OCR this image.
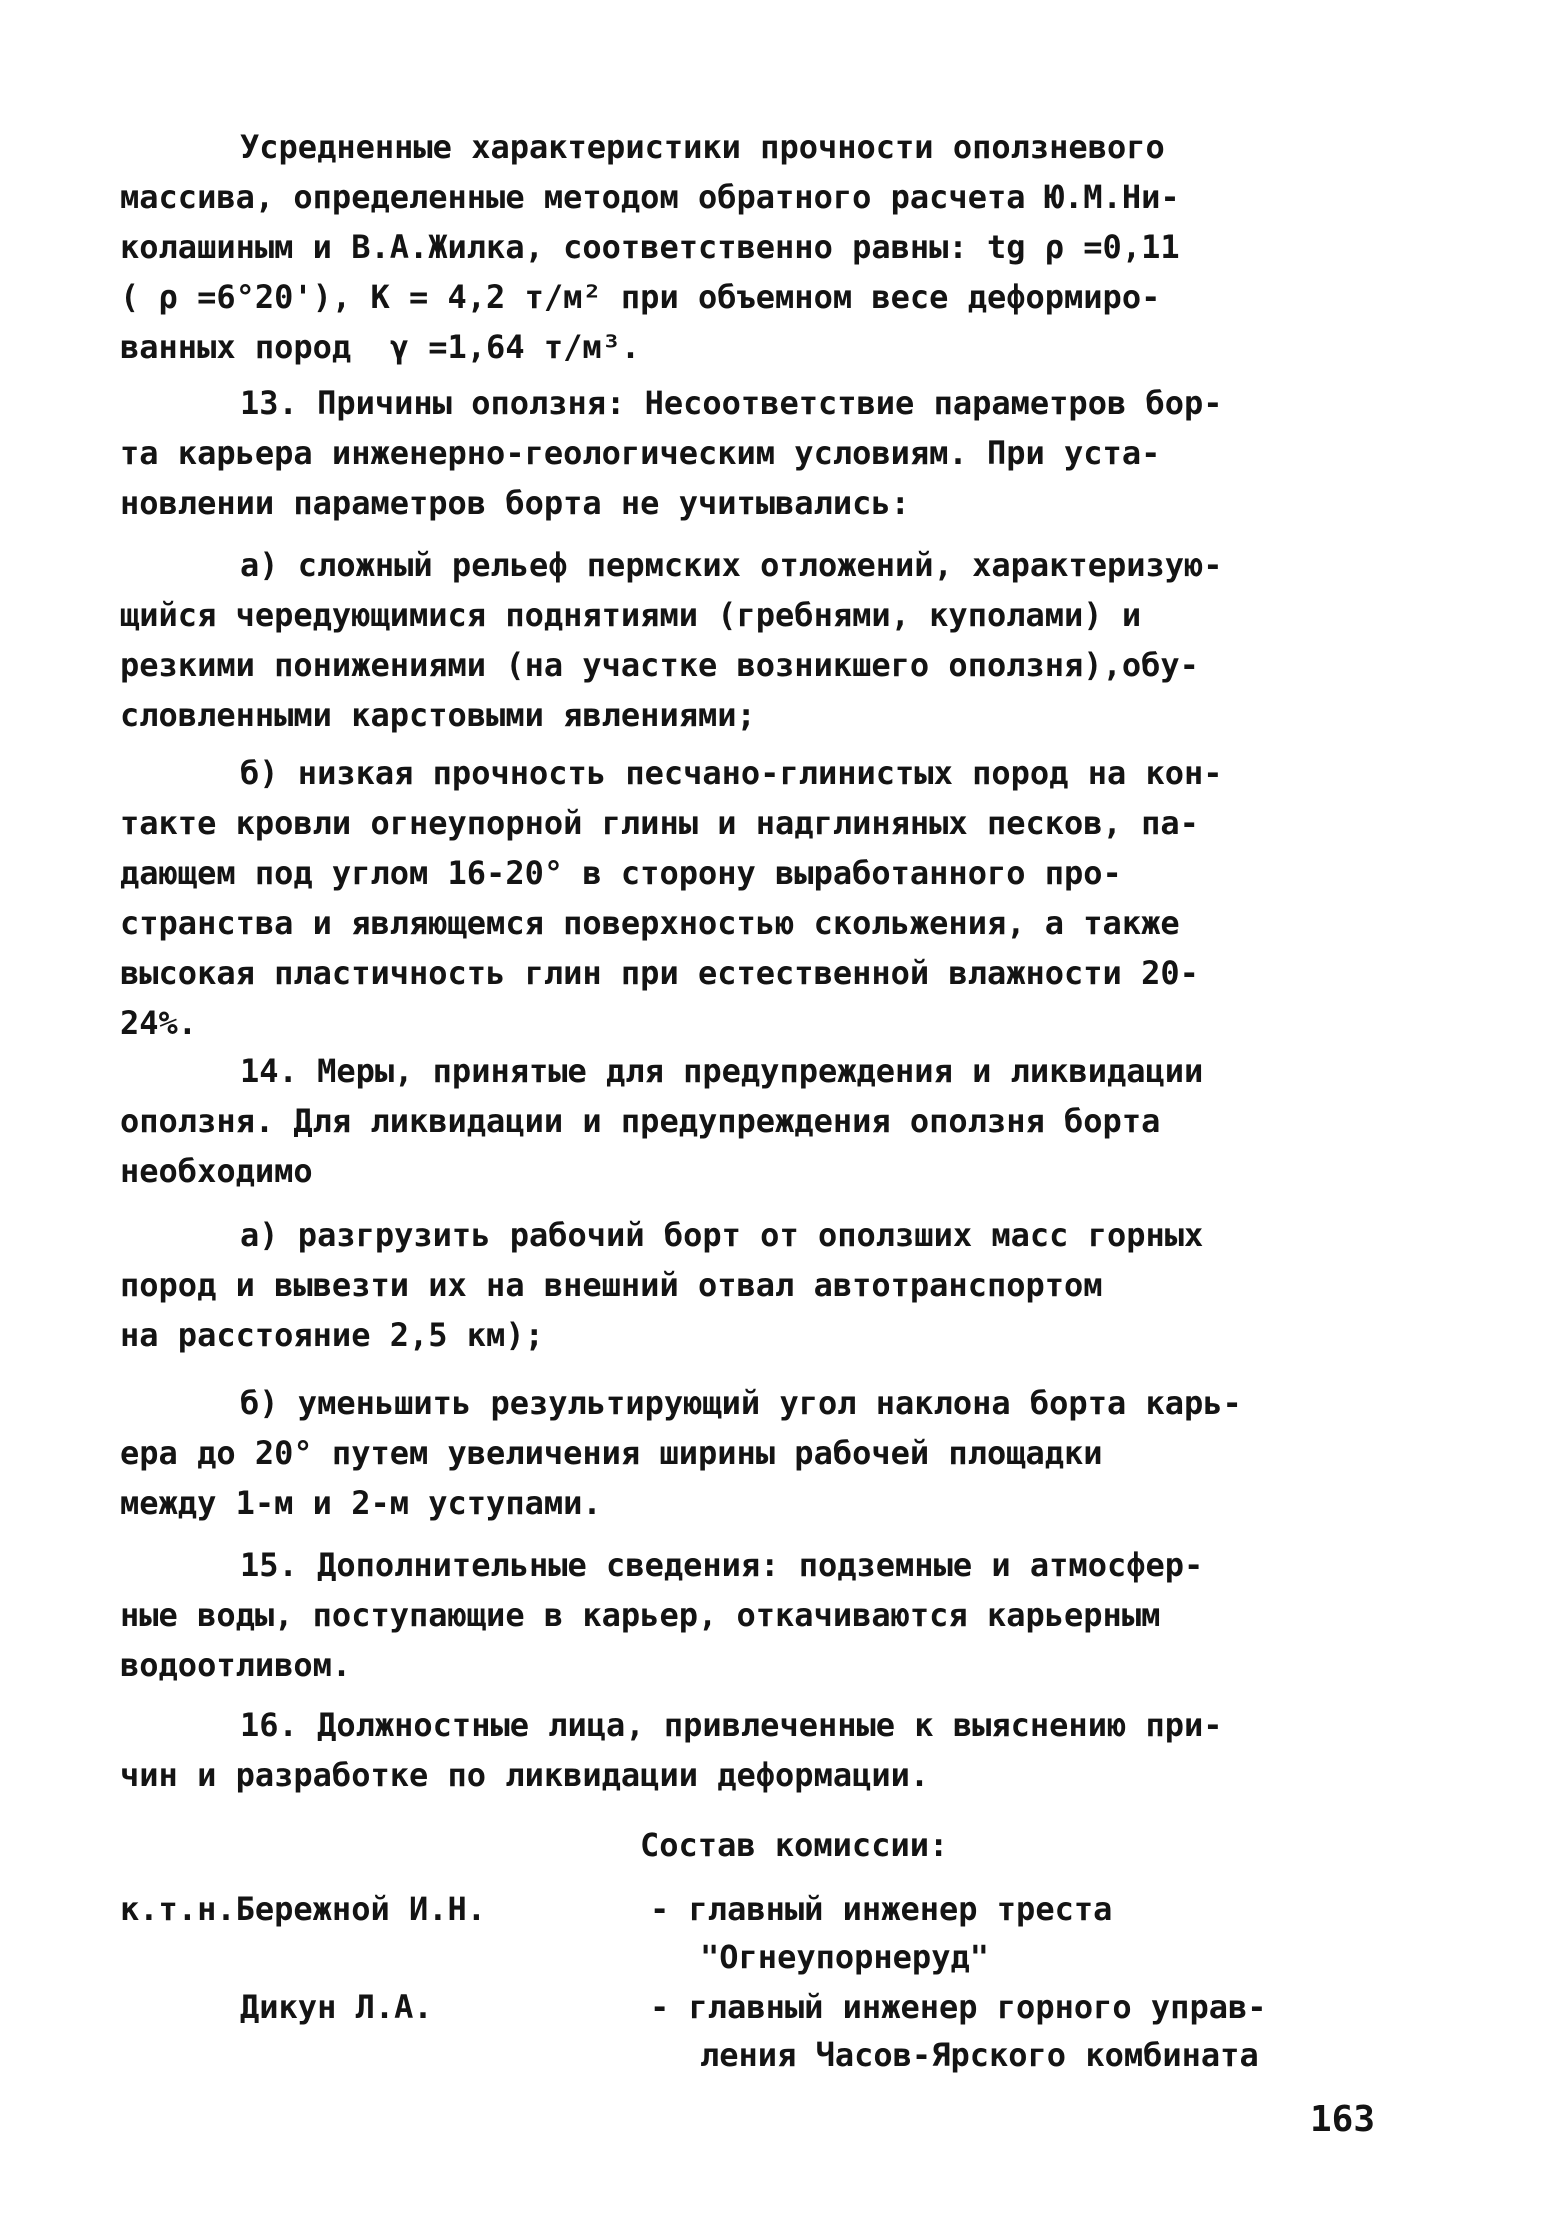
Усредненные характеристики прочности оползневого
массива, определенные методом обратного расчета Ю.М.Ни-
колашиным и В.А.Жилка, соответственно равны: tg ρ =0,11
( ρ =6°20'), К = 4,2 т/м² при объемном весе деформиро-
ванных пород  γ =1,64 т/м³.
13. Причины оползня: Несоответствие параметров бор-
та карьера инженерно-геологическим условиям. При уста-
новлении параметров борта не учитывались:
а) сложный рельеф пермских отложений, характеризую-
щийся чередующимися поднятиями (гребнями, куполами) и
резкими понижениями (на участке возникшего оползня),обу-
словленными карстовыми явлениями;
б) низкая прочность песчано-глинистых пород на кон-
такте кровли огнеупорной глины и надглиняных песков, па-
дающем под углом 16-20° в сторону выработанного про-
странства и являющемся поверхностью скольжения, а также
высокая пластичность глин при естественной влажности 20-
24%.
14. Меры, принятые для предупреждения и ликвидации
оползня. Для ликвидации и предупреждения оползня борта
необходимо
а) разгрузить рабочий борт от оползших масс горных
пород и вывезти их на внешний отвал автотранспортом
на расстояние 2,5 км);
б) уменьшить результирующий угол наклона борта карь-
ера до 20° путем увеличения ширины рабочей площадки
между 1-м и 2-м уступами.
15. Дополнительные сведения: подземные и атмосфер-
ные воды, поступающие в карьер, откачиваются карьерным
водоотливом.
16. Должностные лица, привлеченные к выяснению при-
чин и разработке по ликвидации деформации.
Состав комиссии:
к.т.н.Бережной И.Н.	- главный инженер треста
"Огнеупорнеруд"
Дикун Л.А.	- главный инженер горного управ-
ления Часов-Ярского комбината
163
